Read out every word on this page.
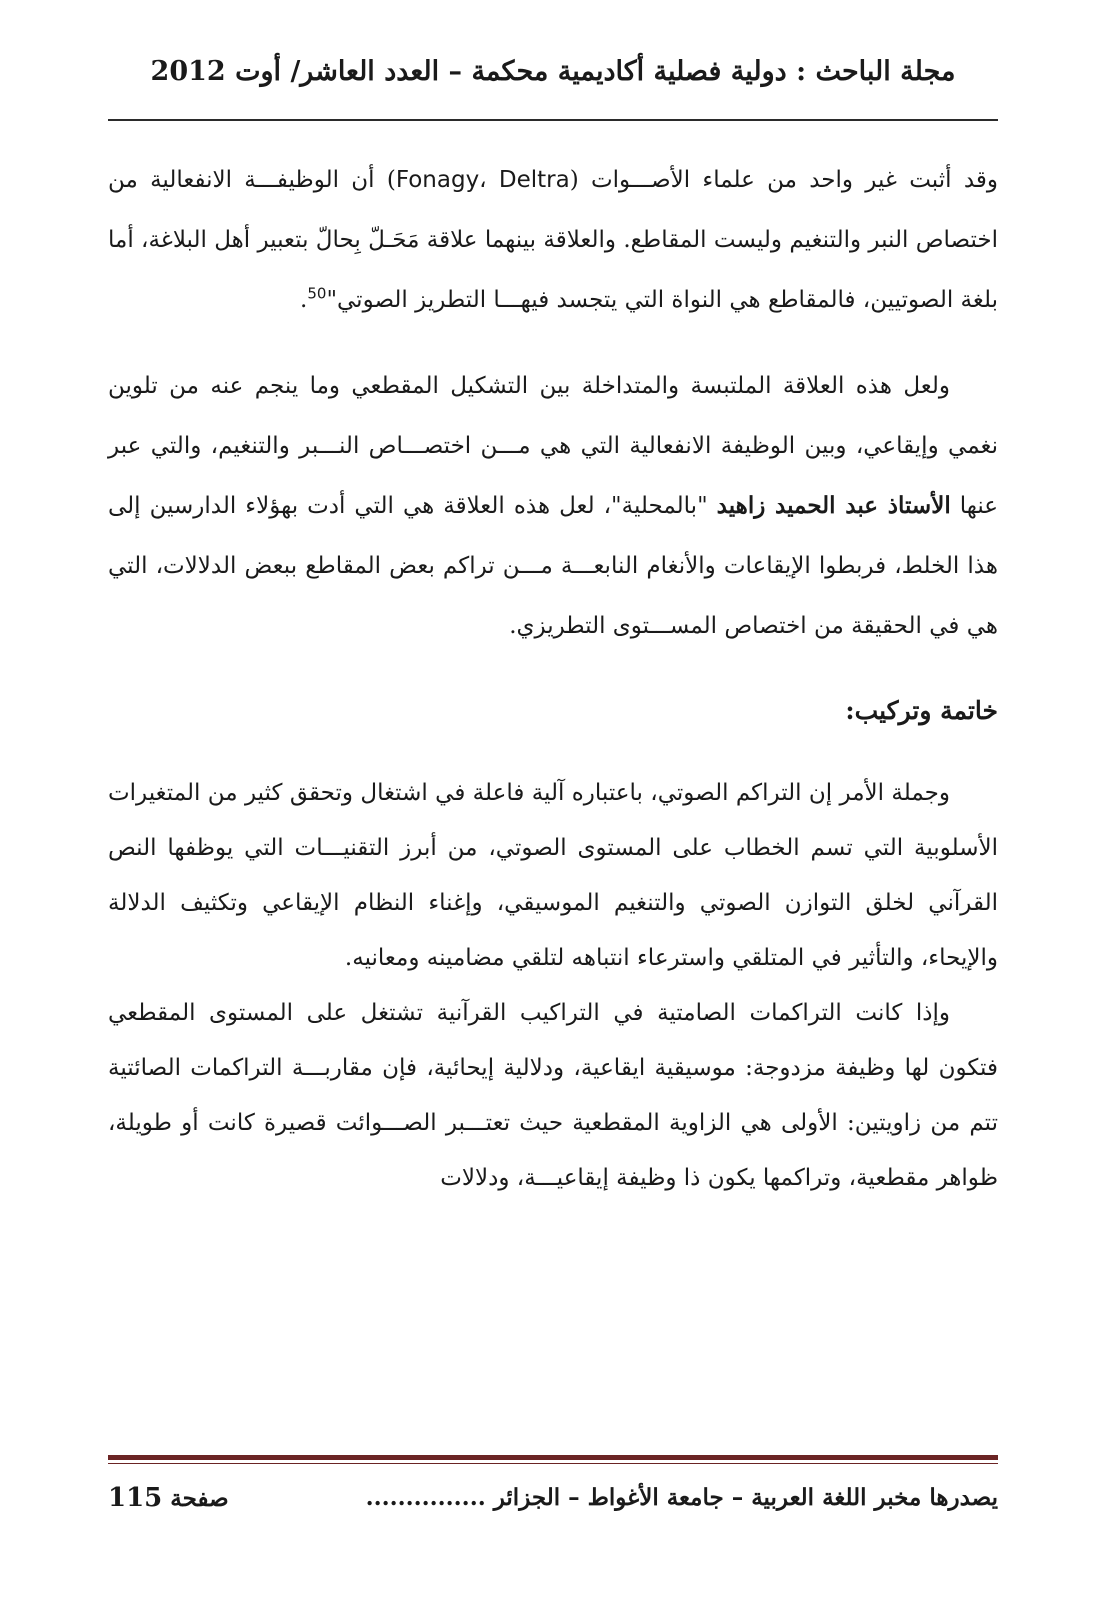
مجلة الباحث : دولية فصلية أكاديمية محكمة – العدد العاشر/ أوت 2012

وقد أثبت غير واحد من علماء الأصـــوات (Fonagy، Deltra) أن الوظيفـــة الانفعالية من اختصاص النبر والتنغيم وليست المقاطع. والعلاقة بينهما علاقة مَحَـلّ بِحالّ بتعبير أهل البلاغة، أما بلغة الصوتيين، فالمقاطع هي النواة التي يتجسد فيهـــا التطريز الصوتي"$^{50}$.

ولعل هذه العلاقة الملتبسة والمتداخلة بين التشكيل المقطعي وما ينجم عنه من تلوين نغمي وإيقاعي، وبين الوظيفة الانفعالية التي هي مـــن اختصـــاص النـــبر والتنغيم، والتي عبر عنها الأستاذ عبد الحميد زاهيد "بالمحلية"، لعل هذه العلاقة هي التي أدت بهؤلاء الدارسين إلى هذا الخلط، فربطوا الإيقاعات والأنغام النابعـــة مـــن تراكم بعض المقاطع ببعض الدلالات، التي هي في الحقيقة من اختصاص المســـتوى التطريزي.

خاتمة وتركيب:

وجملة الأمر إن التراكم الصوتي، باعتباره آلية فاعلة في اشتغال وتحقق كثير من المتغيرات الأسلوبية التي تسم الخطاب على المستوى الصوتي، من أبرز التقنيـــات التي يوظفها النص القرآني لخلق التوازن الصوتي والتنغيم الموسيقي، وإغناء النظام الإيقاعي وتكثيف الدلالة والإيحاء، والتأثير في المتلقي واسترعاء انتباهه لتلقي مضامينه ومعانيه.

وإذا كانت التراكمات الصامتية في التراكيب القرآنية تشتغل على المستوى المقطعي فتكون لها وظيفة مزدوجة: موسيقية ايقاعية، ودلالية إيحائية، فإن مقاربـــة التراكمات الصائتية تتم من زاويتين: الأولى هي الزاوية المقطعية حيث تعتـــبر الصـــوائت قصيرة كانت أو طويلة، ظواهر مقطعية، وتراكمها يكون ذا وظيفة إيقاعيـــة، ودلالات

يصدرها مخبر اللغة العربية – جامعة الأغواط – الجزائر ...............
صفحة 115
